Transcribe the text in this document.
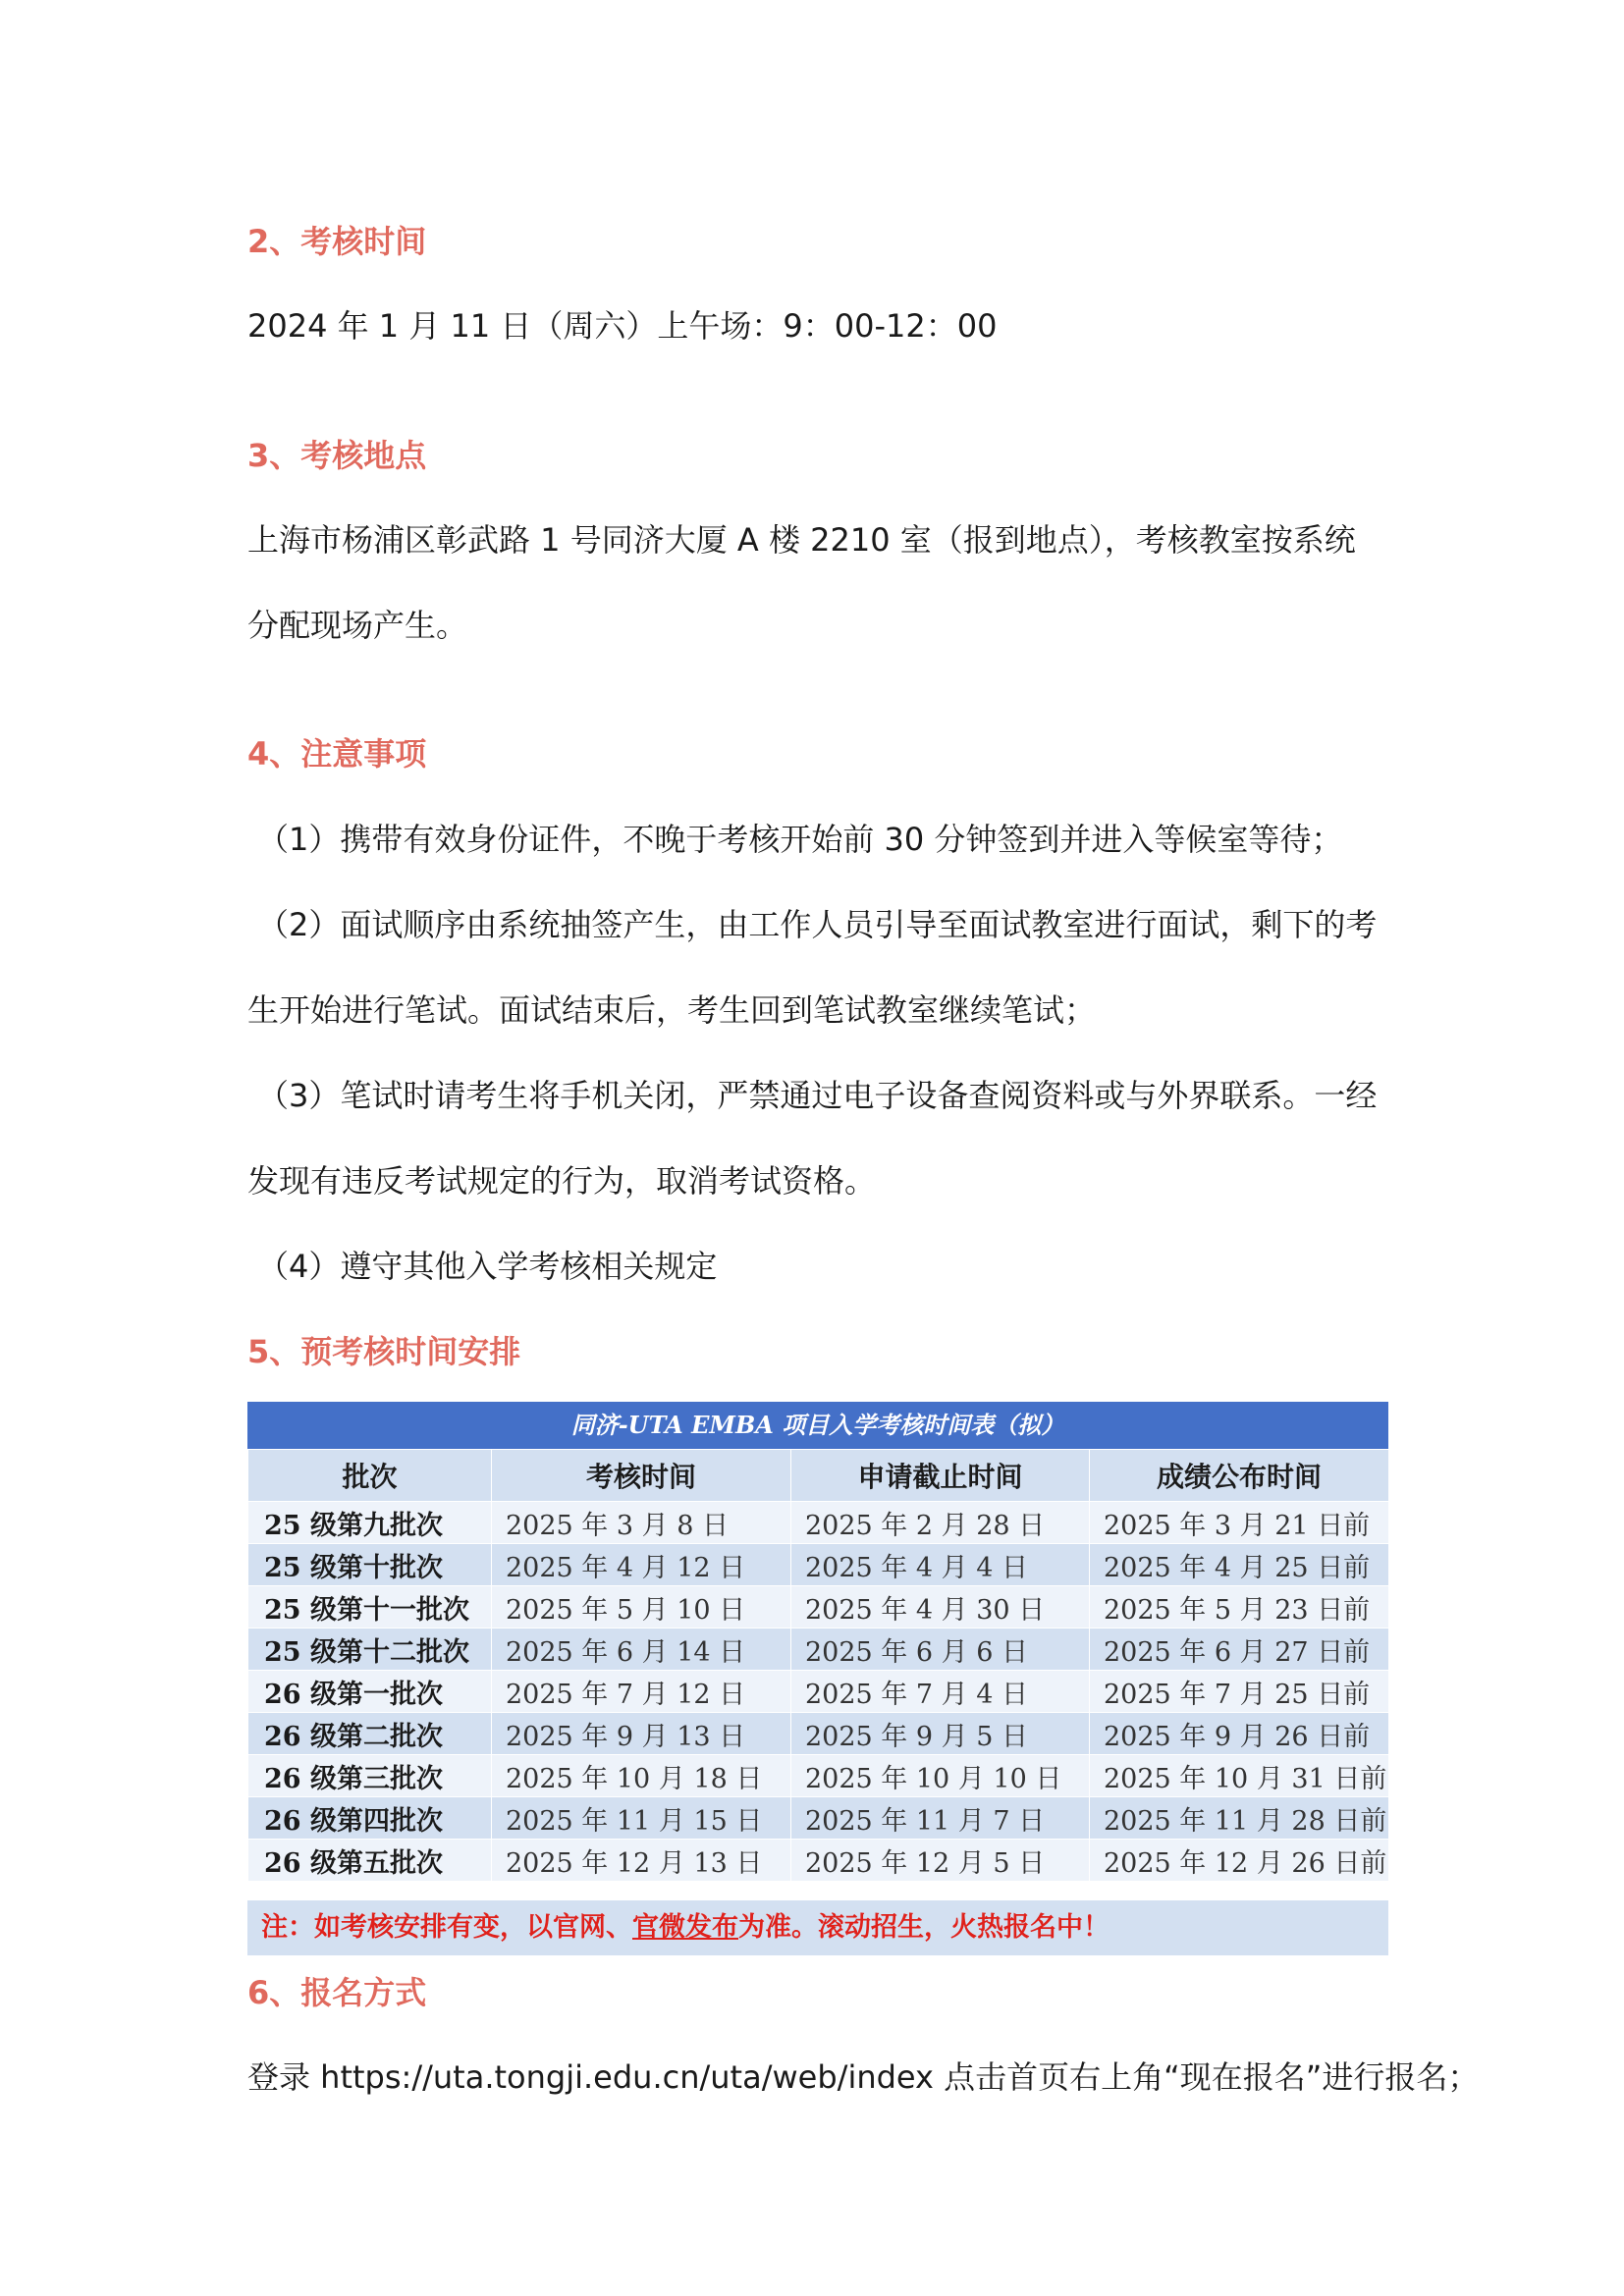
2、考核时间
2024 年 1 月 11 日（周六）上午场：9：00-12：00
3、考核地点
上海市杨浦区彰武路 1 号同济大厦 A 楼 2210 室（报到地点），考核教室按系统
分配现场产生。
4、注意事项
（1）携带有效身份证件，不晚于考核开始前 30 分钟签到并进入等候室等待；
（2）面试顺序由系统抽签产生，由工作人员引导至面试教室进行面试，剩下的考
生开始进行笔试。面试结束后，考生回到笔试教室继续笔试；
（3）笔试时请考生将手机关闭，严禁通过电子设备查阅资料或与外界联系。一经
发现有违反考试规定的行为，取消考试资格。
（4）遵守其他入学考核相关规定
5、预考核时间安排
同济-UTA EMBA 项目入学考核时间表（拟）
批次	考核时间	申请截止时间	成绩公布时间
25 级第九批次	2025 年 3 月 8 日	2025 年 2 月 28 日	2025 年 3 月 21 日前
25 级第十批次	2025 年 4 月 12 日	2025 年 4 月 4 日	2025 年 4 月 25 日前
25 级第十一批次	2025 年 5 月 10 日	2025 年 4 月 30 日	2025 年 5 月 23 日前
25 级第十二批次	2025 年 6 月 14 日	2025 年 6 月 6 日	2025 年 6 月 27 日前
26 级第一批次	2025 年 7 月 12 日	2025 年 7 月 4 日	2025 年 7 月 25 日前
26 级第二批次	2025 年 9 月 13 日	2025 年 9 月 5 日	2025 年 9 月 26 日前
26 级第三批次	2025 年 10 月 18 日	2025 年 10 月 10 日	2025 年 10 月 31 日前
26 级第四批次	2025 年 11 月 15 日	2025 年 11 月 7 日	2025 年 11 月 28 日前
26 级第五批次	2025 年 12 月 13 日	2025 年 12 月 5 日	2025 年 12 月 26 日前
注：如考核安排有变，以官网、官微发布为准。滚动招生，火热报名中！
6、报名方式
登录 https://uta.tongji.edu.cn/uta/web/index 点击首页右上角“现在报名”进行报名；
